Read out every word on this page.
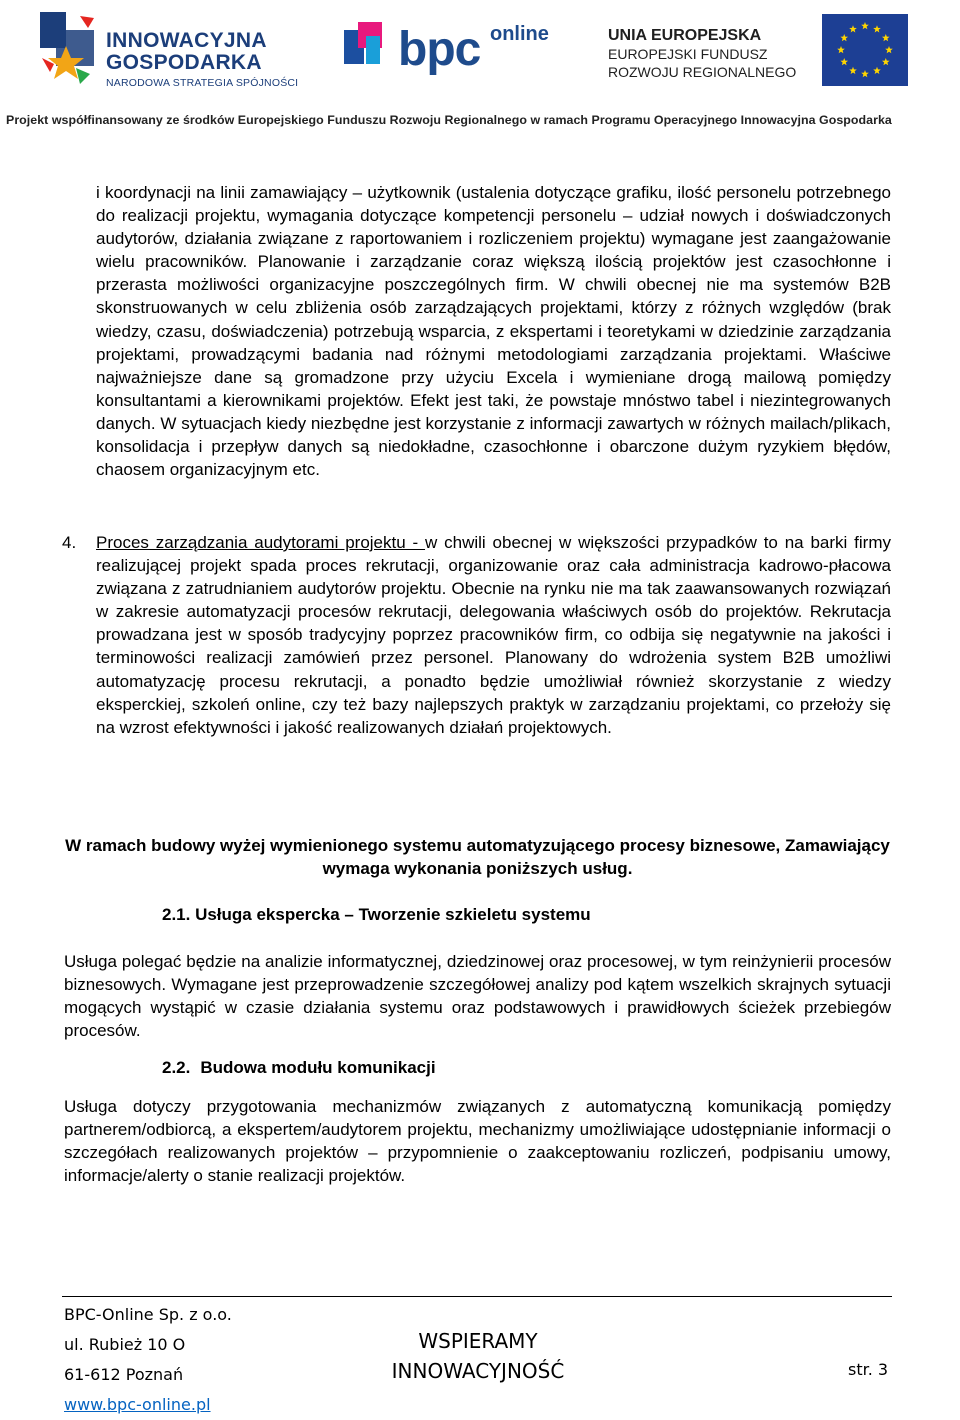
INNOWACYJNA
GOSPODARKA
NARODOWA STRATEGIA SPÓJNOŚCI
bpc online	UNIA EUROPEJSKA
EUROPEJSKI FUNDUSZ
ROZWOJU REGIONALNEGO
Projekt współfinansowany ze środków Europejskiego Funduszu Rozwoju Regionalnego w ramach Programu Operacyjnego Innowacyjna Gospodarka

i koordynacji na linii zamawiający – użytkownik (ustalenia dotyczące grafiku, ilość personelu potrzebnego do realizacji projektu, wymagania dotyczące kompetencji personelu – udział nowych i doświadczonych audytorów, działania związane z raportowaniem i rozliczeniem projektu) wymagane jest zaangażowanie wielu pracowników. Planowanie i zarządzanie coraz większą ilością projektów jest czasochłonne i przerasta możliwości organizacyjne poszczególnych firm. W chwili obecnej nie ma systemów B2B skonstruowanych w celu zbliżenia osób zarządzających projektami, którzy z różnych względów (brak wiedzy, czasu, doświadczenia) potrzebują wsparcia, z ekspertami i teoretykami w dziedzinie zarządzania projektami, prowadzącymi badania nad różnymi metodologiami zarządzania projektami. Właściwe najważniejsze dane są gromadzone przy użyciu Excela i wymieniane drogą mailową pomiędzy konsultantami a kierownikami projektów. Efekt jest taki, że powstaje mnóstwo tabel i niezintegrowanych danych. W sytuacjach kiedy niezbędne jest korzystanie z informacji zawartych w różnych mailach/plikach, konsolidacja i przepływ danych są niedokładne, czasochłonne i obarczone dużym ryzykiem błędów, chaosem organizacyjnym etc.

4. Proces zarządzania audytorami projektu - w chwili obecnej w większości przypadków to na barki firmy realizującej projekt spada proces rekrutacji, organizowanie oraz cała administracja kadrowo-płacowa związana z zatrudnianiem audytorów projektu. Obecnie na rynku nie ma tak zaawansowanych rozwiązań w zakresie automatyzacji procesów rekrutacji, delegowania właściwych osób do projektów. Rekrutacja prowadzana jest w sposób tradycyjny poprzez pracowników firm, co odbija się negatywnie na jakości i terminowości realizacji zamówień przez personel. Planowany do wdrożenia system B2B umożliwi automatyzację procesu rekrutacji, a ponadto będzie umożliwiał również skorzystanie z wiedzy eksperckiej, szkoleń online, czy też bazy najlepszych praktyk w zarządzaniu projektami, co przełoży się na wzrost efektywności i jakość realizowanych działań projektowych.

W ramach budowy wyżej wymienionego systemu automatyzującego procesy biznesowe, Zamawiający wymaga wykonania poniższych usług.

2.1. Usługa ekspercka – Tworzenie szkieletu systemu

Usługa polegać będzie na analizie informatycznej, dziedzinowej oraz procesowej, w tym reinżynierii procesów biznesowych. Wymagane jest przeprowadzenie szczegółowej analizy pod kątem wszelkich skrajnych sytuacji mogących wystąpić w czasie działania systemu oraz podstawowych i prawidłowych ścieżek przebiegów procesów.

2.2. Budowa modułu komunikacji

Usługa dotyczy przygotowania mechanizmów związanych z automatyczną komunikacją pomiędzy partnerem/odbiorcą, a ekspertem/audytorem projektu, mechanizmy umożliwiające udostępnianie informacji o szczegółach realizowanych projektów – przypomnienie o zaakceptowaniu rozliczeń, podpisaniu umowy, informacje/alerty o stanie realizacji projektów.

BPC-Online Sp. z o.o.
ul. Rubież 10 O
61-612 Poznań
www.bpc-online.pl
WSPIERAMY
INNOWACYJNOŚĆ	str. 3
